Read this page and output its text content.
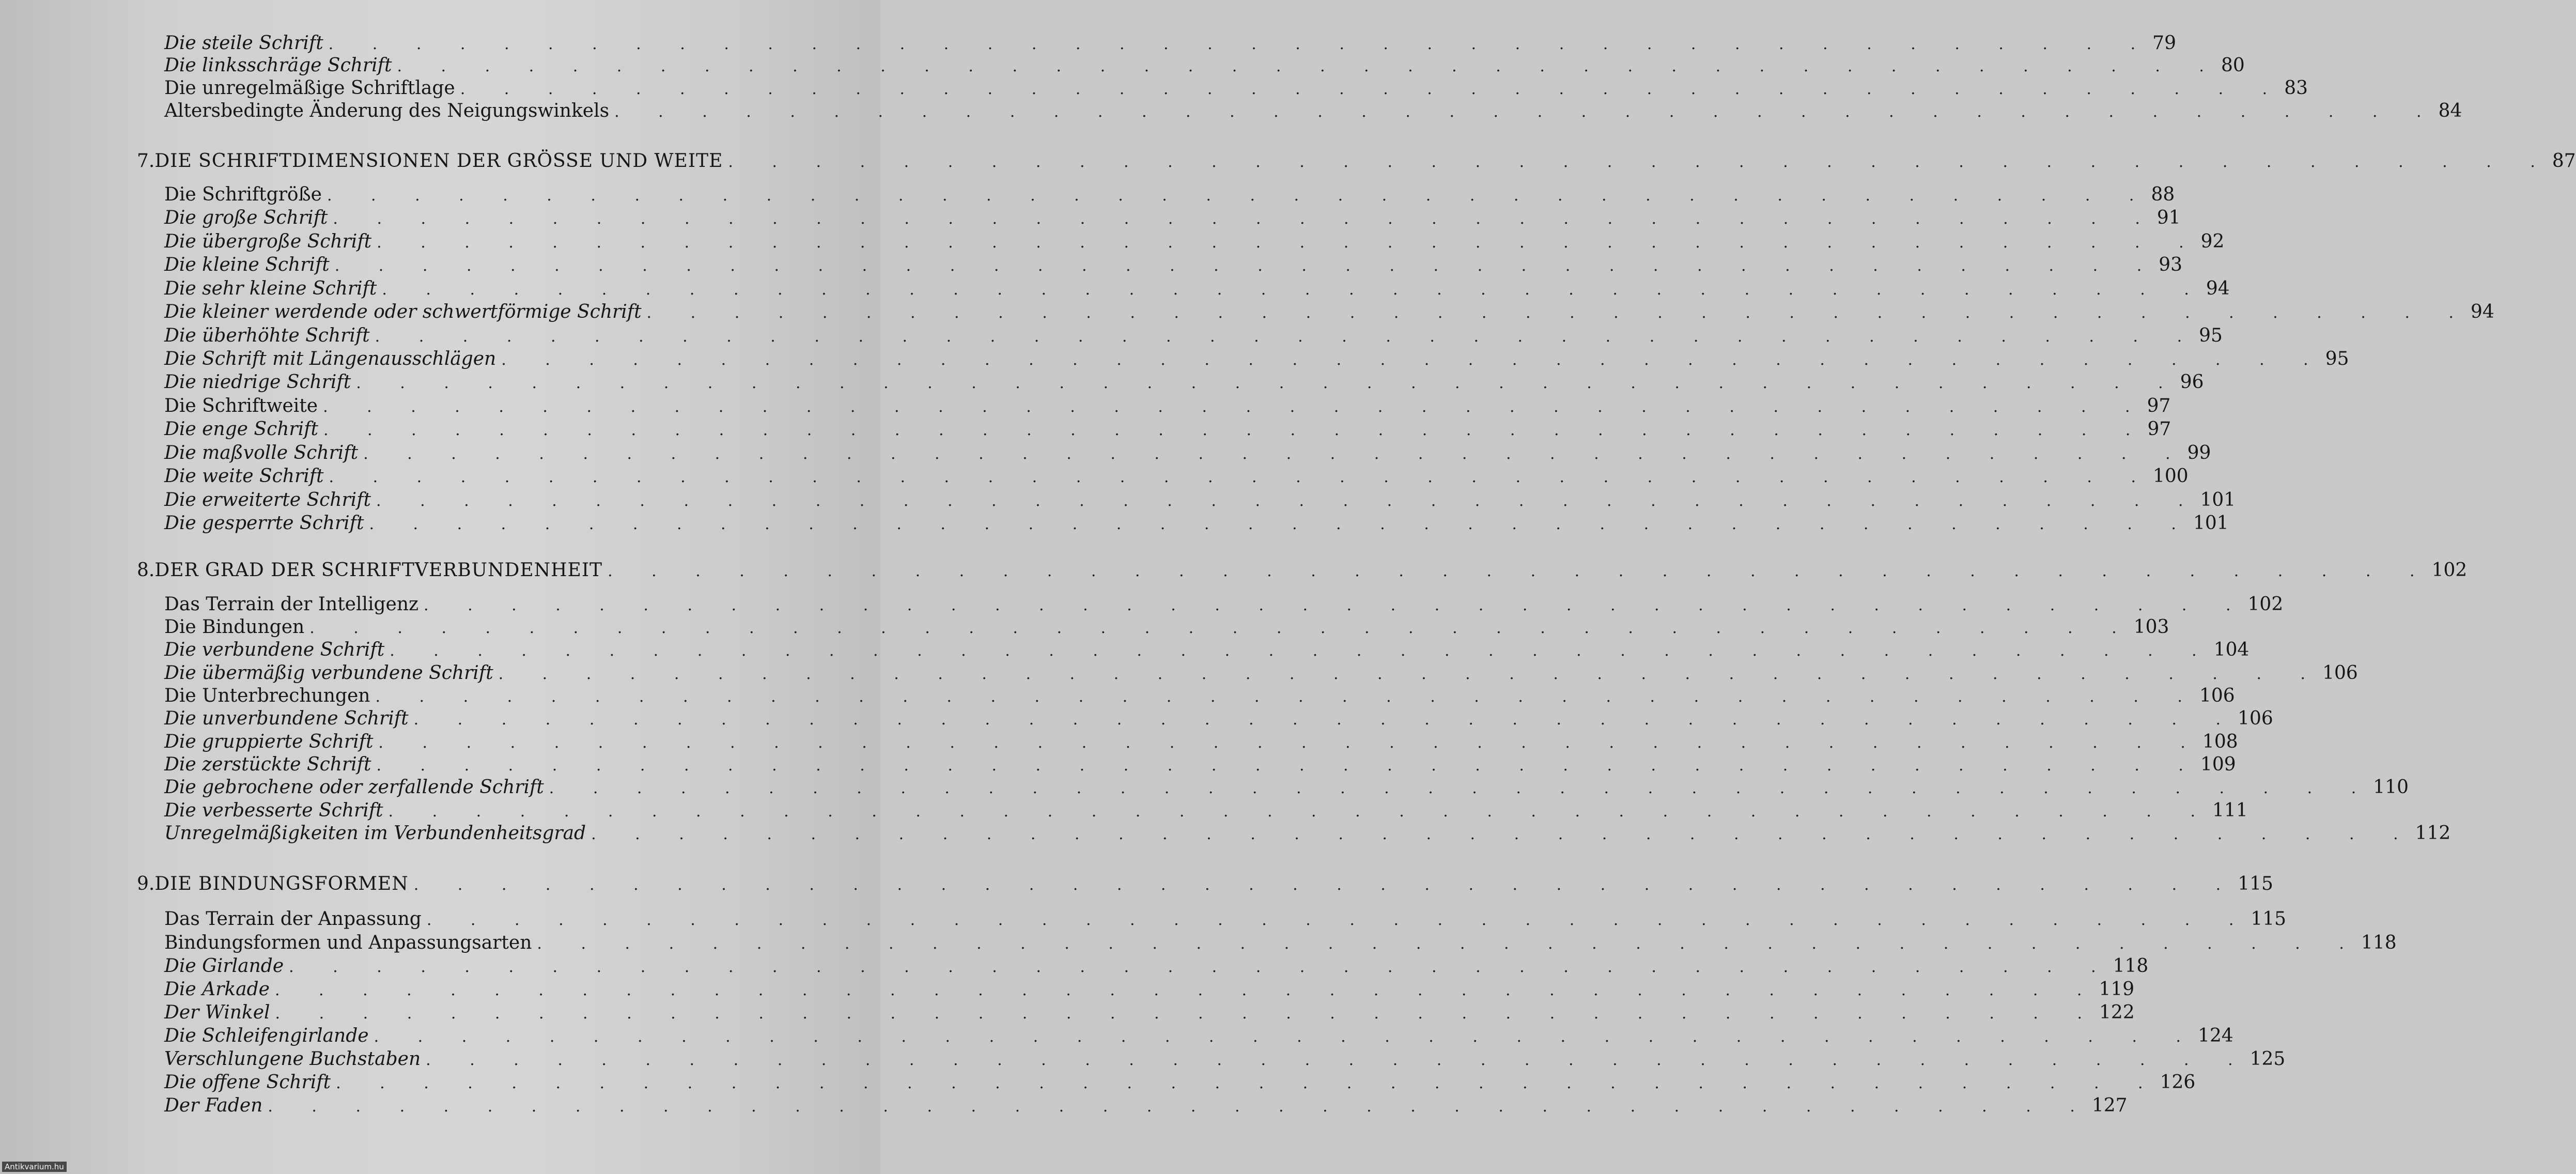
Die steile Schrift . . . . . . . . . . . . . . . . . . . . . . . . . . . . . . . . . . . . . . . . . . 79
Die linksschräge Schrift . . . . . . . . . . . . . . . . . . . . . . . . . . . . . . . . . . . . . . . . . . 80
Die unregelmäßige Schriftlage . . . . . . . . . . . . . . . . . . . . . . . . . . . . . . . . . . . . . . . . . . 83
Altersbedingte Änderung des Neigungswinkels . . . . . . . . . . . . . . . . . . . . . . . . . . . . . . . . . . . . . . . . . . 84
7. DIE SCHRIFTDIMENSIONEN DER GRÖSSE UND WEITE . . . . . . . . . . . . . . . . . . . . . . . . . . . . . . . . . . . . . . . . . . 87
Die Schriftgröße . . . . . . . . . . . . . . . . . . . . . . . . . . . . . . . . . . . . . . . . . . 88
Die große Schrift . . . . . . . . . . . . . . . . . . . . . . . . . . . . . . . . . . . . . . . . . . 91
Die übergroße Schrift . . . . . . . . . . . . . . . . . . . . . . . . . . . . . . . . . . . . . . . . . . 92
Die kleine Schrift . . . . . . . . . . . . . . . . . . . . . . . . . . . . . . . . . . . . . . . . . . 93
Die sehr kleine Schrift . . . . . . . . . . . . . . . . . . . . . . . . . . . . . . . . . . . . . . . . . . 94
Die kleiner werdende oder schwertförmige Schrift . . . . . . . . . . . . . . . . . . . . . . . . . . . . . . . . . . . . . . . . . . 94
Die überhöhte Schrift . . . . . . . . . . . . . . . . . . . . . . . . . . . . . . . . . . . . . . . . . . 95
Die Schrift mit Längenausschlägen . . . . . . . . . . . . . . . . . . . . . . . . . . . . . . . . . . . . . . . . . . 95
Die niedrige Schrift . . . . . . . . . . . . . . . . . . . . . . . . . . . . . . . . . . . . . . . . . . 96
Die Schriftweite . . . . . . . . . . . . . . . . . . . . . . . . . . . . . . . . . . . . . . . . . . 97
Die enge Schrift . . . . . . . . . . . . . . . . . . . . . . . . . . . . . . . . . . . . . . . . . . 97
Die maßvolle Schrift . . . . . . . . . . . . . . . . . . . . . . . . . . . . . . . . . . . . . . . . . . 99
Die weite Schrift . . . . . . . . . . . . . . . . . . . . . . . . . . . . . . . . . . . . . . . . . . 100
Die erweiterte Schrift . . . . . . . . . . . . . . . . . . . . . . . . . . . . . . . . . . . . . . . . . . 101
Die gesperrte Schrift . . . . . . . . . . . . . . . . . . . . . . . . . . . . . . . . . . . . . . . . . . 101
8. DER GRAD DER SCHRIFTVERBUNDENHEIT . . . . . . . . . . . . . . . . . . . . . . . . . . . . . . . . . . . . . . . . . . 102
Das Terrain der Intelligenz . . . . . . . . . . . . . . . . . . . . . . . . . . . . . . . . . . . . . . . . . . 102
Die Bindungen . . . . . . . . . . . . . . . . . . . . . . . . . . . . . . . . . . . . . . . . . . 103
Die verbundene Schrift . . . . . . . . . . . . . . . . . . . . . . . . . . . . . . . . . . . . . . . . . . 104
Die übermäßig verbundene Schrift . . . . . . . . . . . . . . . . . . . . . . . . . . . . . . . . . . . . . . . . . . 106
Die Unterbrechungen . . . . . . . . . . . . . . . . . . . . . . . . . . . . . . . . . . . . . . . . . . 106
Die unverbundene Schrift . . . . . . . . . . . . . . . . . . . . . . . . . . . . . . . . . . . . . . . . . . 106
Die gruppierte Schrift . . . . . . . . . . . . . . . . . . . . . . . . . . . . . . . . . . . . . . . . . . 108
Die zerstückte Schrift . . . . . . . . . . . . . . . . . . . . . . . . . . . . . . . . . . . . . . . . . . 109
Die gebrochene oder zerfallende Schrift . . . . . . . . . . . . . . . . . . . . . . . . . . . . . . . . . . . . . . . . . . 110
Die verbesserte Schrift . . . . . . . . . . . . . . . . . . . . . . . . . . . . . . . . . . . . . . . . . . 111
Unregelmäßigkeiten im Verbundenheitsgrad . . . . . . . . . . . . . . . . . . . . . . . . . . . . . . . . . . . . . . . . . . 112
9. DIE BINDUNGSFORMEN . . . . . . . . . . . . . . . . . . . . . . . . . . . . . . . . . . . . . . . . . . 115
Das Terrain der Anpassung . . . . . . . . . . . . . . . . . . . . . . . . . . . . . . . . . . . . . . . . . . 115
Bindungsformen und Anpassungsarten . . . . . . . . . . . . . . . . . . . . . . . . . . . . . . . . . . . . . . . . . . 118
Die Girlande . . . . . . . . . . . . . . . . . . . . . . . . . . . . . . . . . . . . . . . . . . 118
Die Arkade . . . . . . . . . . . . . . . . . . . . . . . . . . . . . . . . . . . . . . . . . . 119
Der Winkel . . . . . . . . . . . . . . . . . . . . . . . . . . . . . . . . . . . . . . . . . . 122
Die Schleifengirlande . . . . . . . . . . . . . . . . . . . . . . . . . . . . . . . . . . . . . . . . . . 124
Verschlungene Buchstaben . . . . . . . . . . . . . . . . . . . . . . . . . . . . . . . . . . . . . . . . . . 125
Die offene Schrift . . . . . . . . . . . . . . . . . . . . . . . . . . . . . . . . . . . . . . . . . . 126
Der Faden . . . . . . . . . . . . . . . . . . . . . . . . . . . . . . . . . . . . . . . . . . 127
Antikvarium.hu
